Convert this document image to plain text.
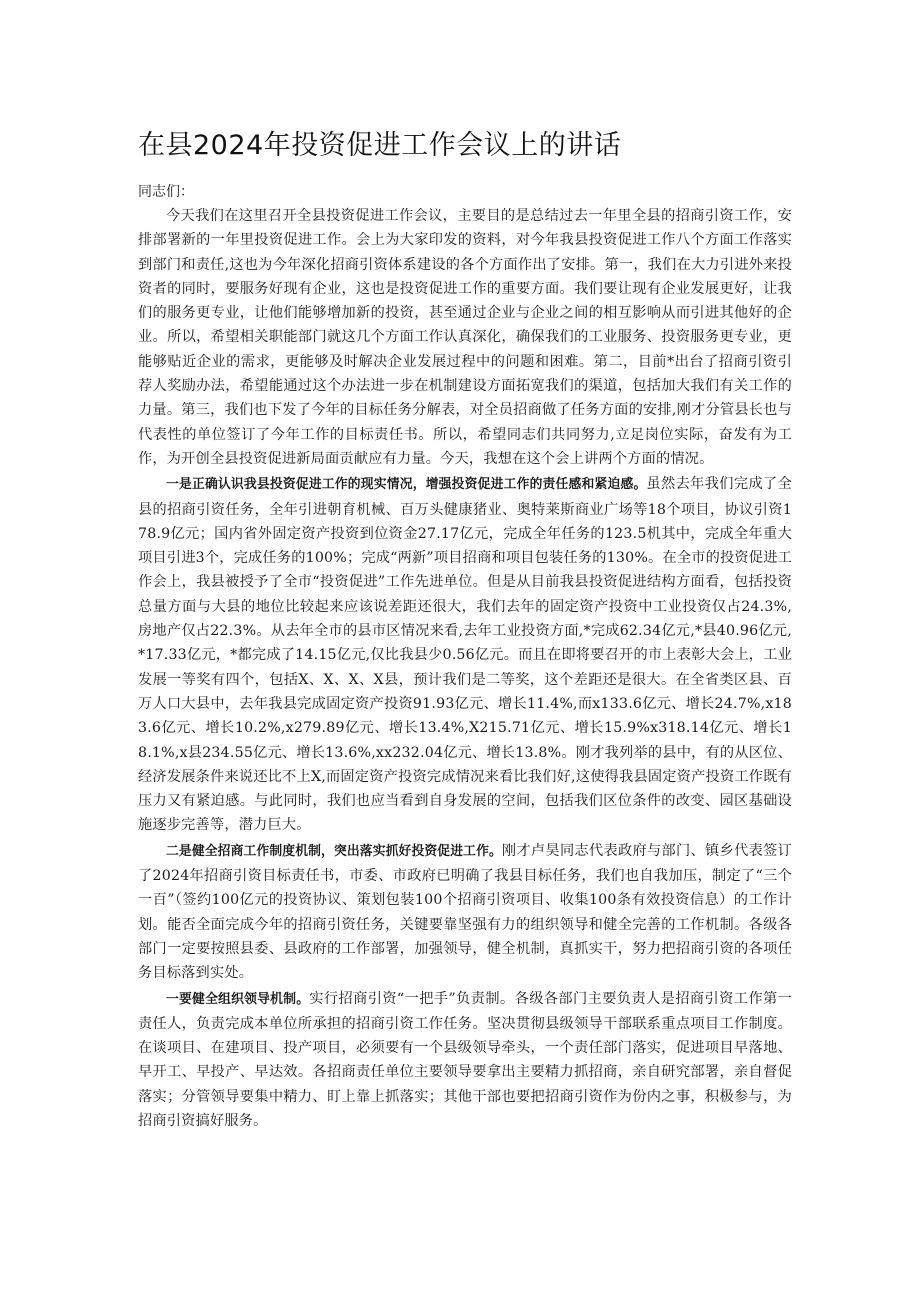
在县2024年投资促进工作会议上的讲话

同志们：

今天我们在这里召开全县投资促进工作会议，主要目的是总结过去一年里全县的招商引资工作，安排部署新的一年里投资促进工作。会上为大家印发的资料，对今年我县投资促进工作八个方面工作落实到部门和责任,这也为今年深化招商引资体系建设的各个方面作出了安排。第一，我们在大力引进外来投资者的同时，要服务好现有企业，这也是投资促进工作的重要方面。我们要让现有企业发展更好，让我们的服务更专业，让他们能够增加新的投资，甚至通过企业与企业之间的相互影响从而引进其他好的企业。所以，希望相关职能部门就这几个方面工作认真深化，确保我们的工业服务、投资服务更专业，更能够贴近企业的需求，更能够及时解决企业发展过程中的问题和困难。第二，目前*出台了招商引资引荐人奖励办法，希望能通过这个办法进一步在机制建设方面拓宽我们的渠道，包括加大我们有关工作的力量。第三，我们也下发了今年的目标任务分解表，对全员招商做了任务方面的安排,刚才分管县长也与代表性的单位签订了今年工作的目标责任书。所以，希望同志们共同努力,立足岗位实际，奋发有为工作，为开创全县投资促进新局面贡献应有力量。今天，我想在这个会上讲两个方面的情况。

一是正确认识我县投资促进工作的现实情况，增强投资促进工作的责任感和紧迫感。虽然去年我们完成了全县的招商引资任务，全年引进朝育机械、百万头健康猪业、奥特莱斯商业广场等18个项目，协议引资178.9亿元；国内省外固定资产投资到位资金27.17亿元，完成全年任务的123.5机其中，完成全年重大项目引进3个，完成任务的100%；完成“两新”项目招商和项目包装任务的130%。在全市的投资促进工作会上，我县被授予了全市“投资促进”工作先进单位。但是从目前我县投资促进结构方面看，包括投资总量方面与大县的地位比较起来应该说差距还很大，我们去年的固定资产投资中工业投资仅占24.3%,房地产仅占22.3%。从去年全市的县市区情况来看,去年工业投资方面,*完成62.34亿元,*县40.96亿元,*17.33亿元，*都完成了14.15亿元,仅比我县少0.56亿元。而且在即将要召开的市上表彰大会上，工业发展一等奖有四个，包括X、X、X、X县，预计我们是二等奖，这个差距还是很大。在全省类区县、百万人口大县中，去年我县完成固定资产投资91.93亿元、增长11.4%,而x133.6亿元、增长24.7%,x183.6亿元、增长10.2%,x279.89亿元、增长13.4%,X215.71亿元、增长15.9%x318.14亿元、增长18.1%,x县234.55亿元、增长13.6%,xx232.04亿元、增长13.8%。刚才我列举的县中，有的从区位、经济发展条件来说还比不上X,而固定资产投资完成情况来看比我们好,这使得我县固定资产投资工作既有压力又有紧迫感。与此同时，我们也应当看到自身发展的空间，包括我们区位条件的改变、园区基础设施逐步完善等，潜力巨大。

二是健全招商工作制度机制，突出落实抓好投资促进工作。刚才卢昊同志代表政府与部门、镇乡代表签订了2024年招商引资目标责任书，市委、市政府已明确了我县目标任务，我们也自我加压，制定了“三个一百”（签约100亿元的投资协议、策划包装100个招商引资项目、收集100条有效投资信息）的工作计划。能否全面完成今年的招商引资任务，关键要靠坚强有力的组织领导和健全完善的工作机制。各级各部门一定要按照县委、县政府的工作部署，加强领导，健全机制，真抓实干，努力把招商引资的各项任务目标落到实处。

一要健全组织领导机制。实行招商引资“一把手”负责制。各级各部门主要负责人是招商引资工作第一责任人，负责完成本单位所承担的招商引资工作任务。坚决贯彻县级领导干部联系重点项目工作制度。在谈项目、在建项目、投产项目，必须要有一个县级领导牵头，一个责任部门落实，促进项目早落地、早开工、早投产、早达效。各招商责任单位主要领导要拿出主要精力抓招商，亲自研究部署，亲自督促落实；分管领导要集中精力、盯上靠上抓落实；其他干部也要把招商引资作为份内之事，积极参与，为招商引资搞好服务。
